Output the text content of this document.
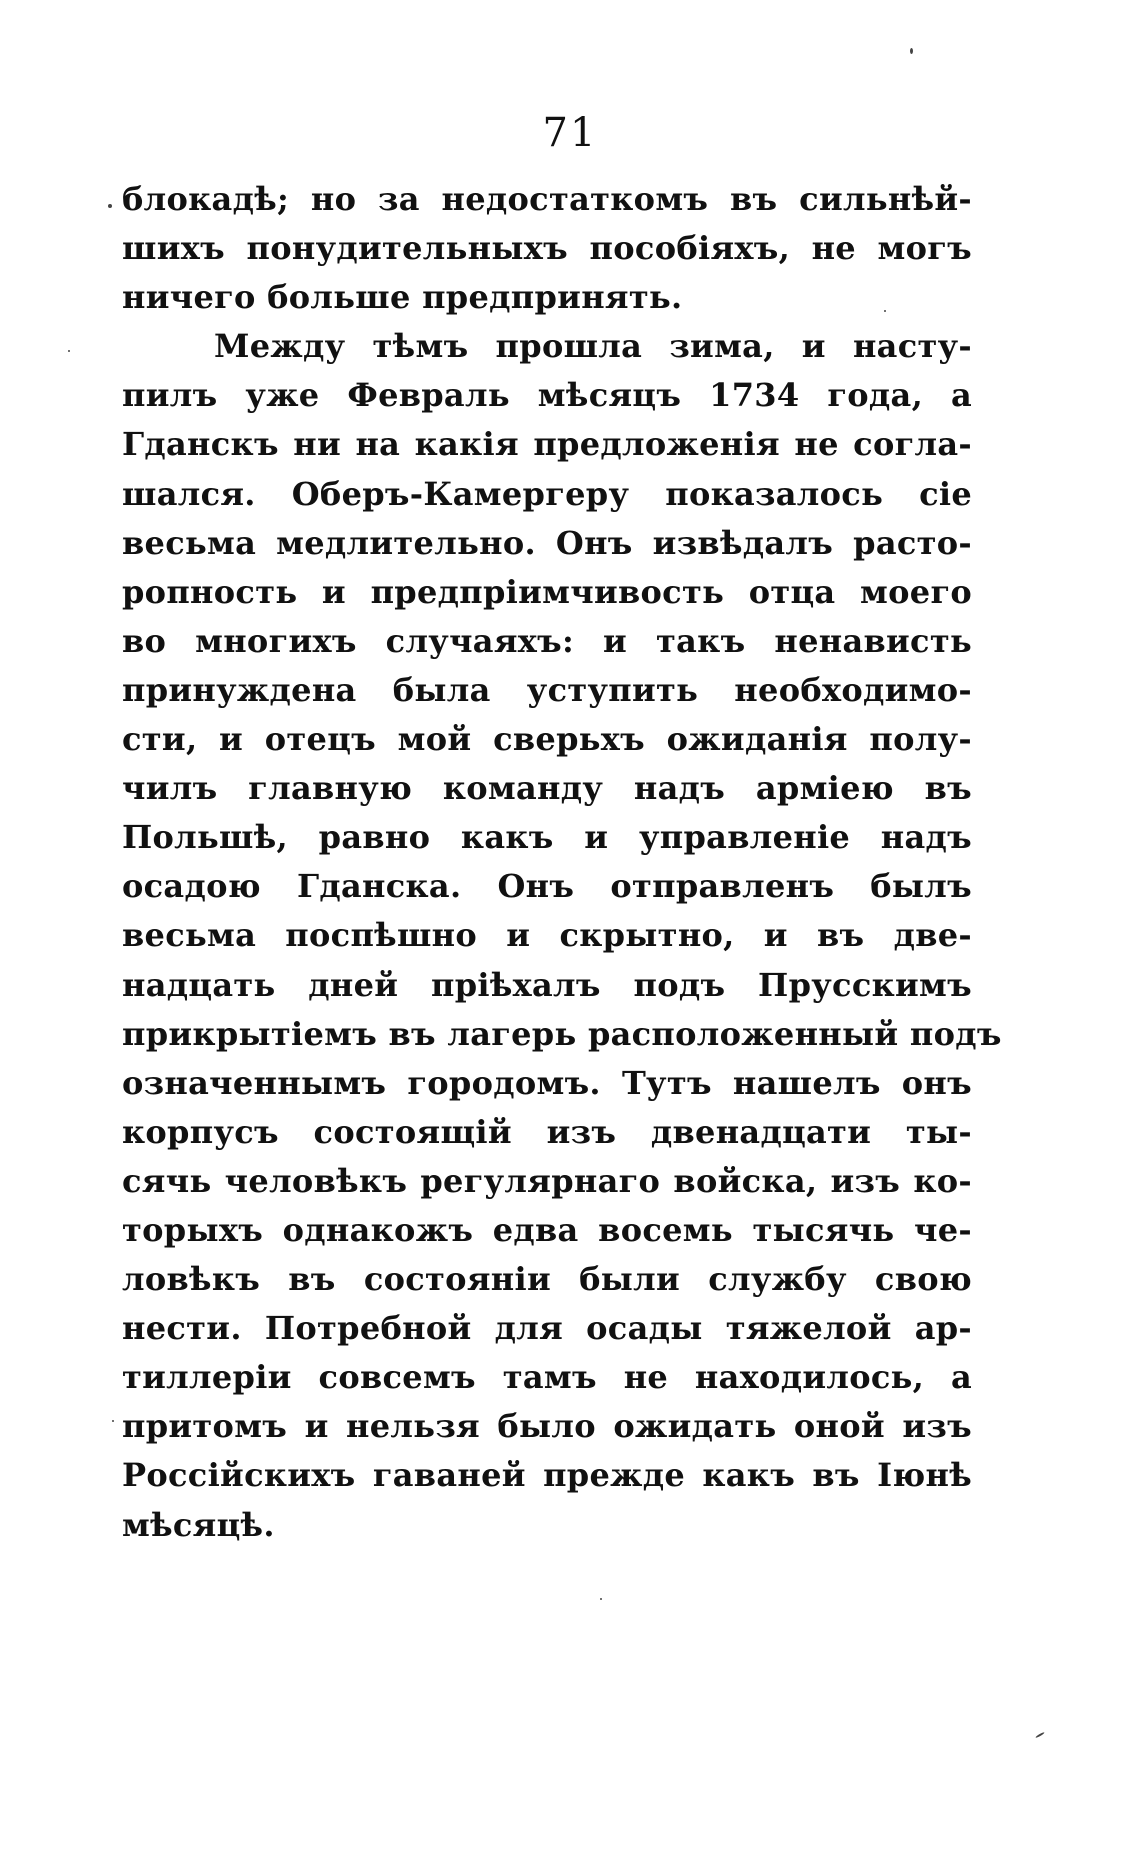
71
блокадѣ; но за недостаткомъ въ сильнѣй-
шихъ понудительныхъ пособіяхъ, не могъ
ничего больше предпринять.
Между тѣмъ прошла зима, и насту-
пилъ уже Февраль мѣсяцъ 1734 года, а
Гданскъ ни на какія предложенія не согла-
шался. Оберъ-Камергеру показалось сіе
весьма медлительно. Онъ извѣдалъ расто-
ропность и предпріимчивость отца моего
во многихъ случаяхъ: и такъ ненависть
принуждена была уступить необходимо-
сти, и отецъ мой сверьхъ ожиданія полу-
чилъ главную команду надъ арміею въ
Польшѣ, равно какъ и управленіе надъ
осадою Гданска. Онъ отправленъ былъ
весьма поспѣшно и скрытно, и въ две-
надцать дней пріѣхалъ подъ Прусскимъ
прикрытіемъ въ лагерь расположенный подъ
означеннымъ городомъ. Тутъ нашелъ онъ
корпусъ состоящій изъ двенадцати ты-
сячь человѣкъ регулярнаго войска, изъ ко-
торыхъ однакожъ едва восемь тысячь че-
ловѣкъ въ состояніи были службу свою
нести. Потребной для осады тяжелой ар-
тиллеріи совсемъ тамъ не находилось, а
притомъ и нельзя было ожидать оной изъ
Россійскихъ гаваней прежде какъ въ Іюнѣ
мѣсяцѣ.
